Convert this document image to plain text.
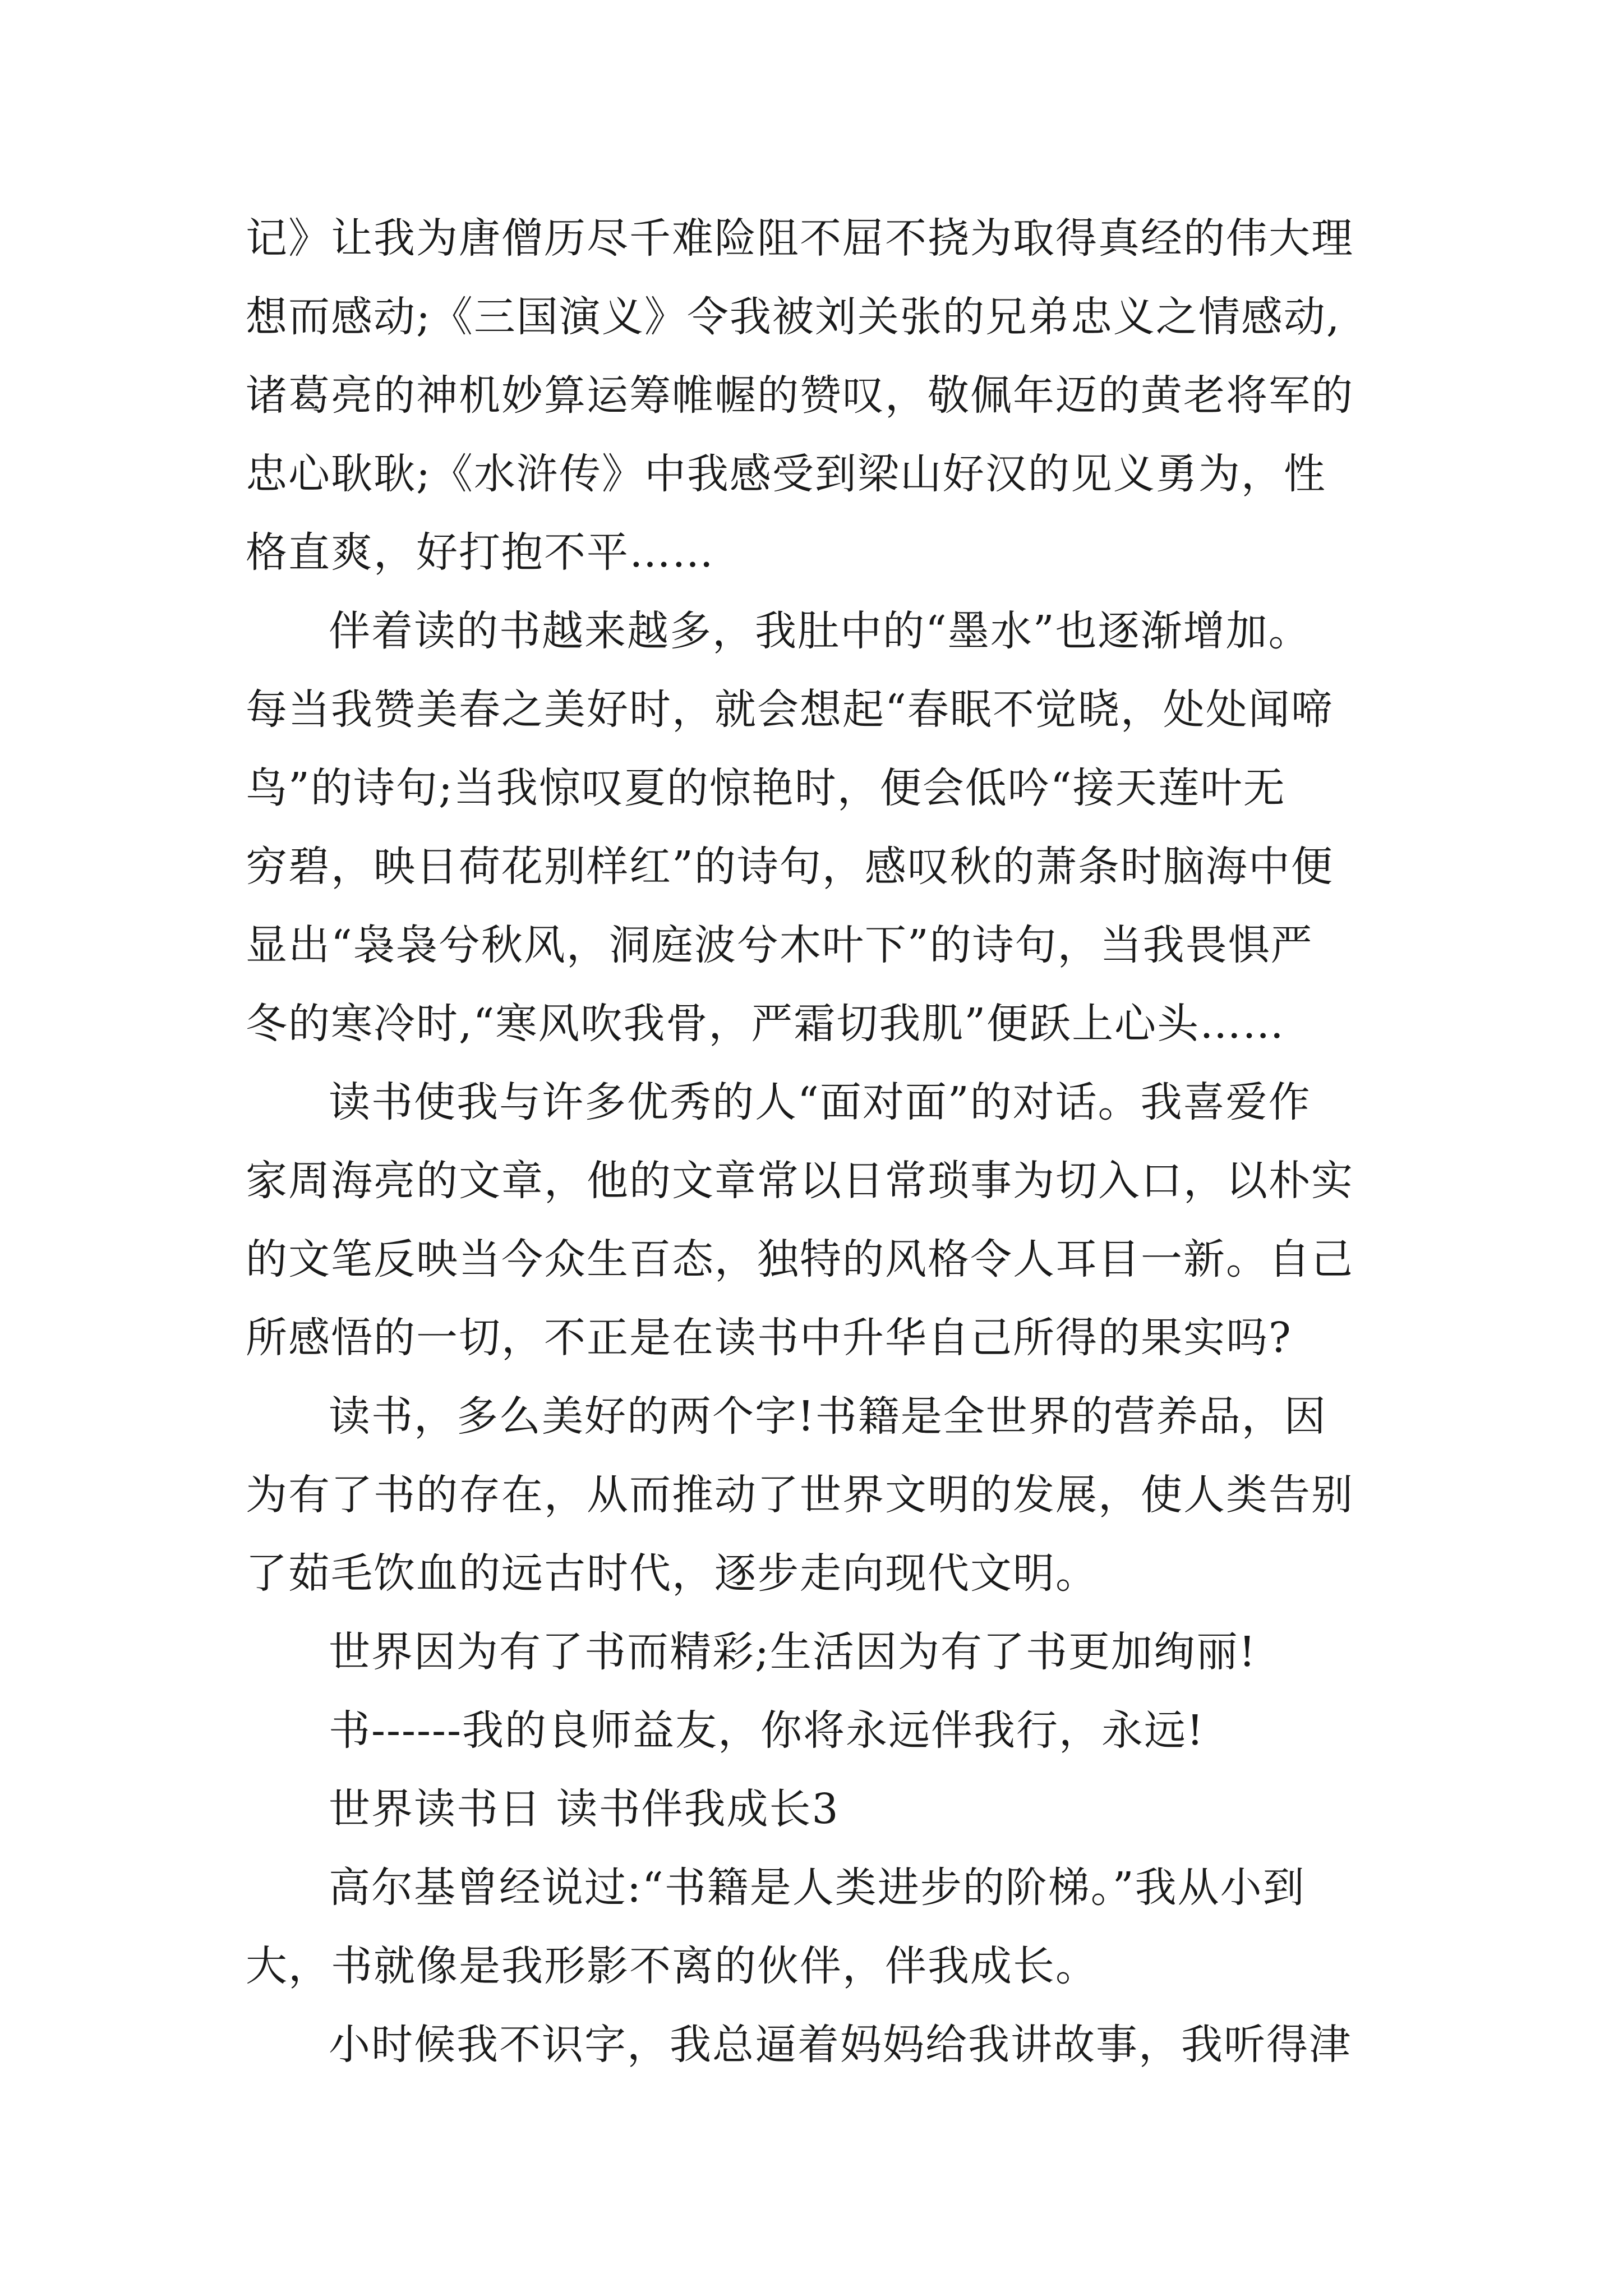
记》让我为唐僧历尽千难险阻不屈不挠为取得真经的伟大理
想而感动;《三国演义》令我被刘关张的兄弟忠义之情感动,
诸葛亮的神机妙算运筹帷幄的赞叹，敬佩年迈的黄老将军的
忠心耿耿;《水浒传》中我感受到梁山好汉的见义勇为，性
格直爽，好打抱不平……
伴着读的书越来越多，我肚中的“墨水”也逐渐增加。
每当我赞美春之美好时，就会想起“春眠不觉晓，处处闻啼
鸟”的诗句;当我惊叹夏的惊艳时，便会低吟“接天莲叶无
穷碧，映日荷花别样红”的诗句，感叹秋的萧条时脑海中便
显出“袅袅兮秋风，洞庭波兮木叶下”的诗句，当我畏惧严
冬的寒冷时,“寒风吹我骨，严霜切我肌”便跃上心头……
读书使我与许多优秀的人“面对面”的对话。我喜爱作
家周海亮的文章，他的文章常以日常琐事为切入口，以朴实
的文笔反映当今众生百态，独特的风格令人耳目一新。自己
所感悟的一切，不正是在读书中升华自己所得的果实吗?
读书，多么美好的两个字!书籍是全世界的营养品，因
为有了书的存在，从而推动了世界文明的发展，使人类告别
了茹毛饮血的远古时代，逐步走向现代文明。
世界因为有了书而精彩;生活因为有了书更加绚丽!
书------我的良师益友，你将永远伴我行，永远!
世界读书日 读书伴我成长3
高尔基曾经说过:“书籍是人类进步的阶梯。”我从小到
大，书就像是我形影不离的伙伴，伴我成长。
小时候我不识字，我总逼着妈妈给我讲故事，我听得津
